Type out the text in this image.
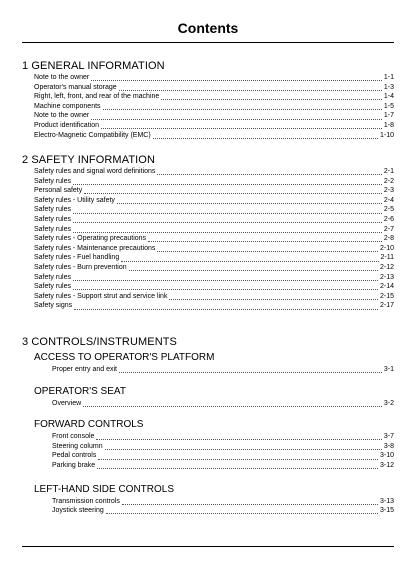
Contents
1 GENERAL INFORMATION
Note to the owner	1-1
Operator's manual storage	1-3
Right, left, front, and rear of the machine	1-4
Machine components	1-5
Note to the owner	1-7
Product identification	1-8
Electro-Magnetic Compatibility (EMC)	1-10
2 SAFETY INFORMATION
Safety rules and signal word definitions	2-1
Safety rules	2-2
Personal safety	2-3
Safety rules - Utility safety	2-4
Safety rules	2-5
Safety rules	2-6
Safety rules	2-7
Safety rules - Operating precautions	2-8
Safety rules - Maintenance precautions	2-10
Safety rules - Fuel handling	2-11
Safety rules - Burn prevention	2-12
Safety rules	2-13
Safety rules	2-14
Safety rules - Support strut and service link	2-15
Safety signs	2-17
3 CONTROLS/INSTRUMENTS
ACCESS TO OPERATOR'S PLATFORM
Proper entry and exit	3-1
OPERATOR'S SEAT
Overview	3-2
FORWARD CONTROLS
Front console	3-7
Steering column	3-8
Pedal controls	3-10
Parking brake	3-12
LEFT-HAND SIDE CONTROLS
Transmission controls	3-13
Joystick steering	3-15
